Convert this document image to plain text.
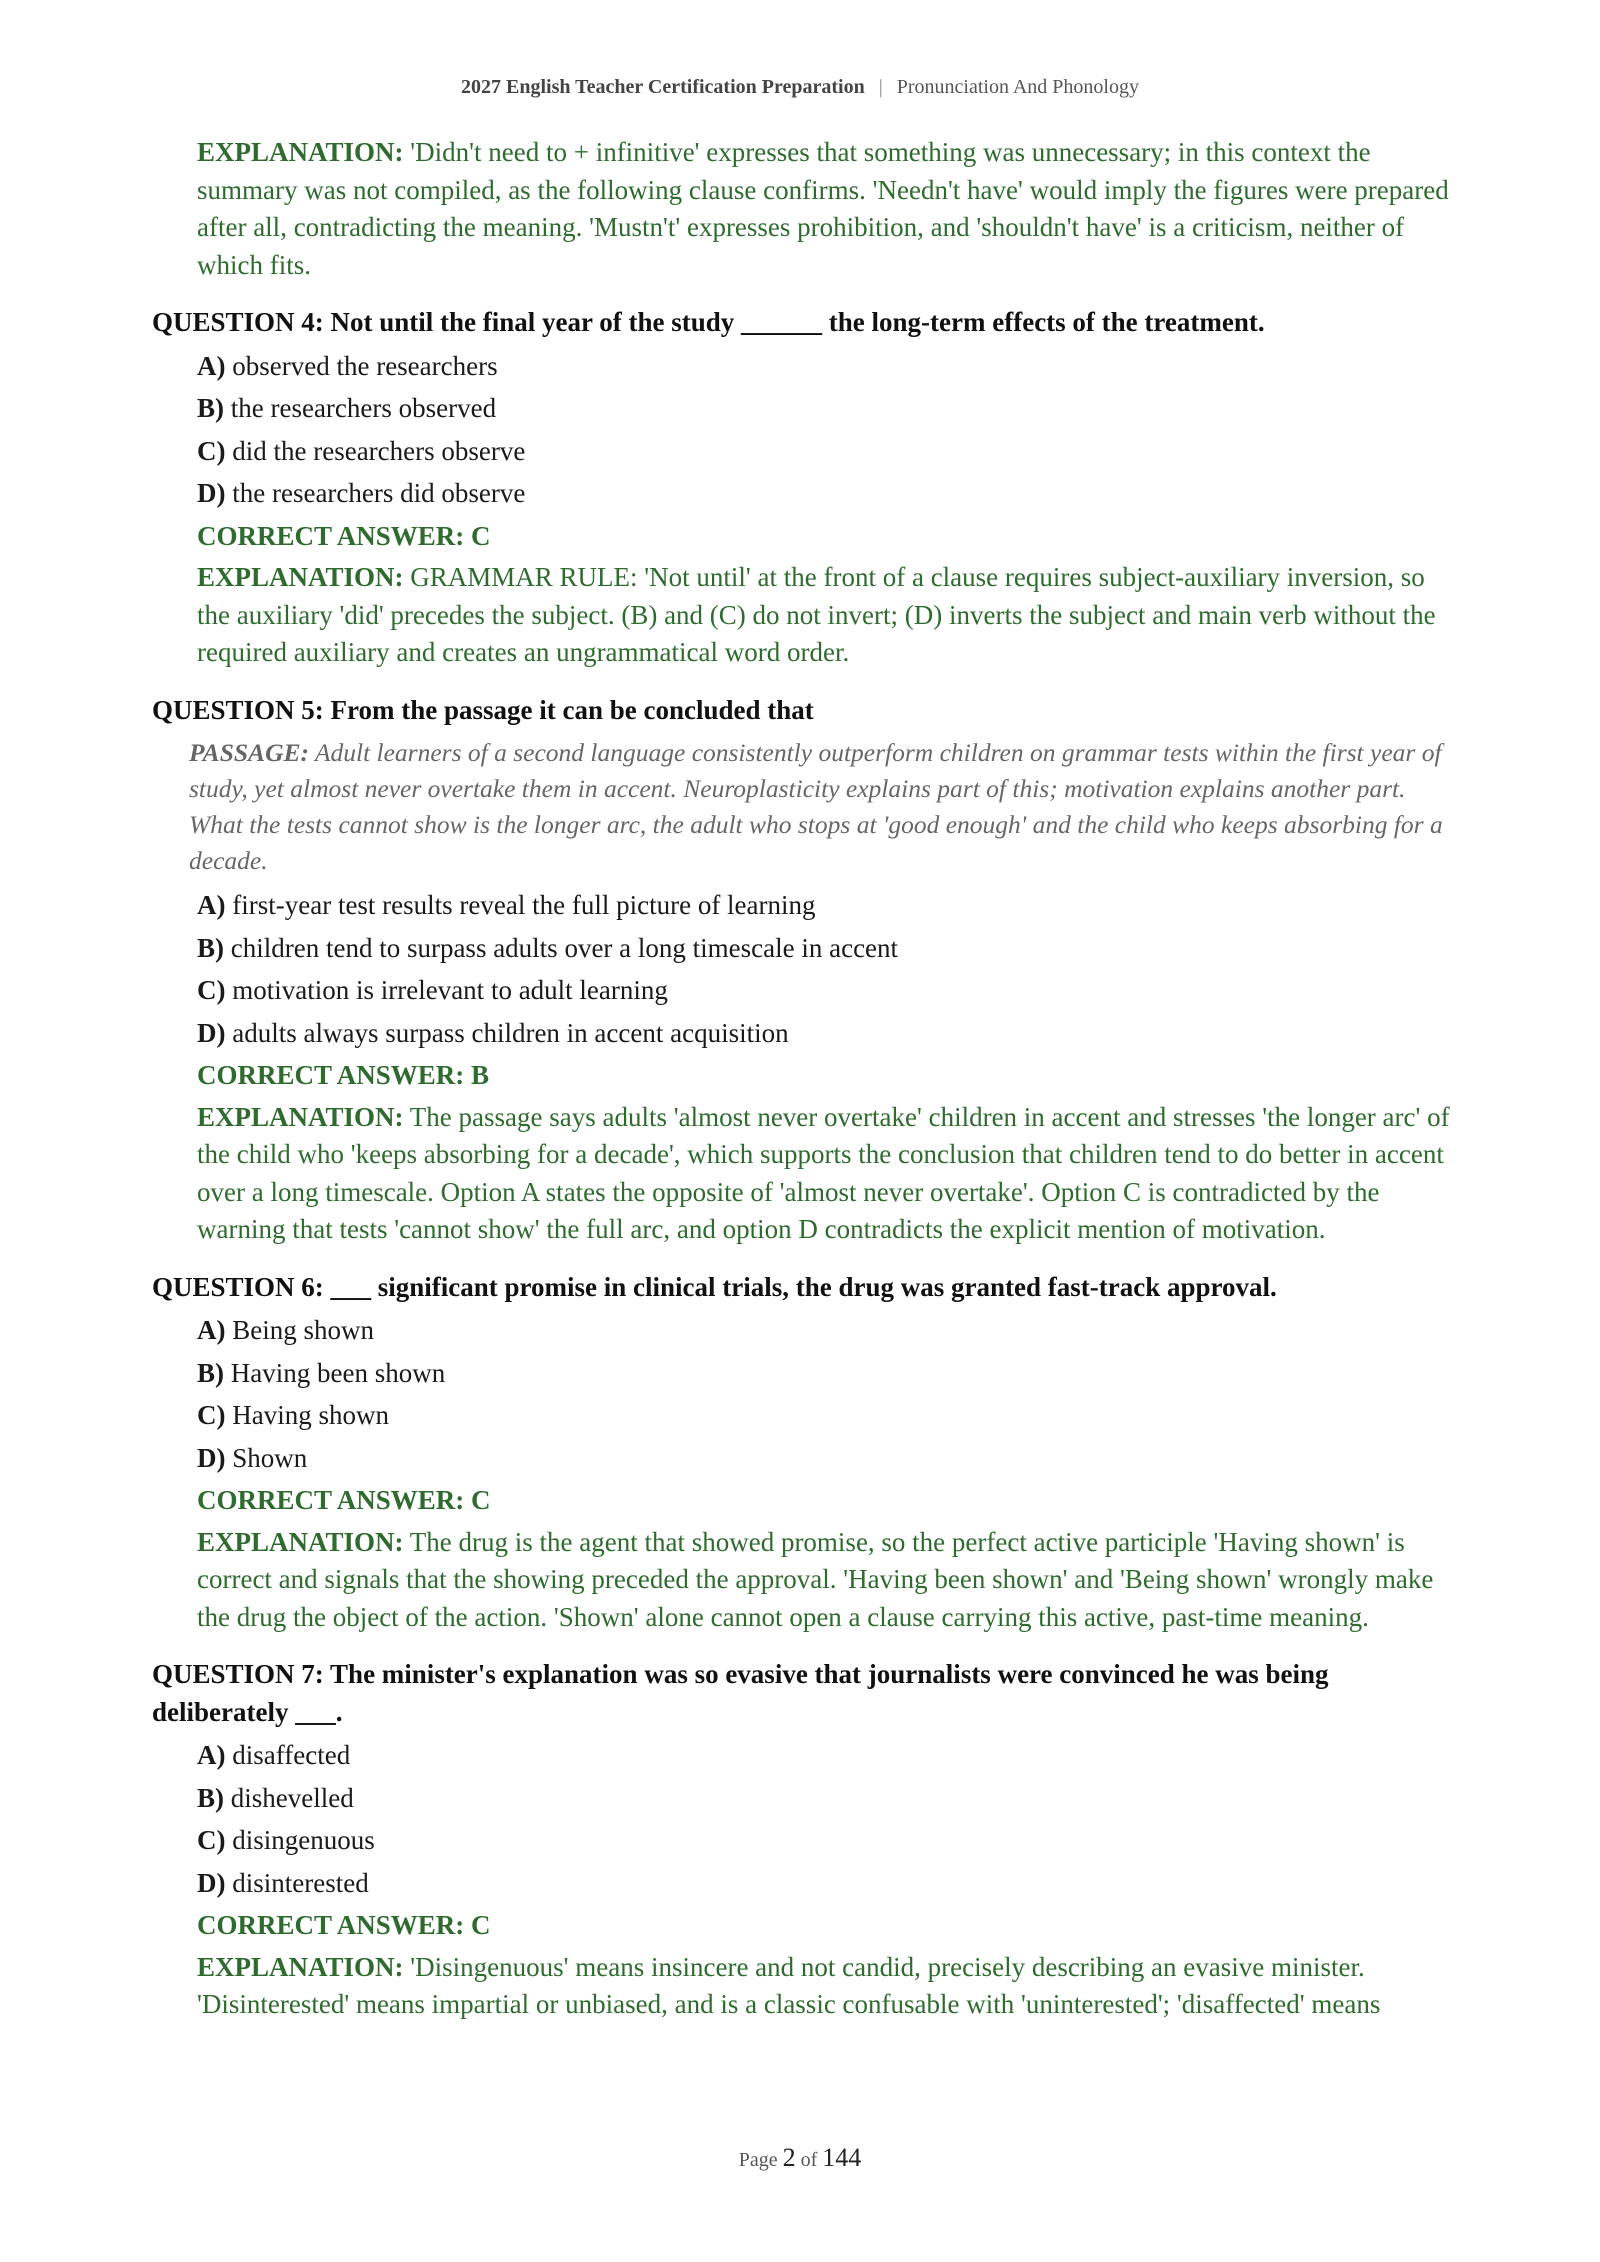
2027 English Teacher Certification Preparation | Pronunciation And Phonology
EXPLANATION: 'Didn't need to + infinitive' expresses that something was unnecessary; in this context the summary was not compiled, as the following clause confirms. 'Needn't have' would imply the figures were prepared after all, contradicting the meaning. 'Mustn't' expresses prohibition, and 'shouldn't have' is a criticism, neither of which fits.
QUESTION 4: Not until the final year of the study ______ the long-term effects of the treatment.
A) observed the researchers
B) the researchers observed
C) did the researchers observe
D) the researchers did observe
CORRECT ANSWER: C
EXPLANATION: GRAMMAR RULE: 'Not until' at the front of a clause requires subject-auxiliary inversion, so the auxiliary 'did' precedes the subject. (B) and (C) do not invert; (D) inverts the subject and main verb without the required auxiliary and creates an ungrammatical word order.
QUESTION 5: From the passage it can be concluded that
PASSAGE: Adult learners of a second language consistently outperform children on grammar tests within the first year of study, yet almost never overtake them in accent. Neuroplasticity explains part of this; motivation explains another part. What the tests cannot show is the longer arc, the adult who stops at 'good enough' and the child who keeps absorbing for a decade.
A) first-year test results reveal the full picture of learning
B) children tend to surpass adults over a long timescale in accent
C) motivation is irrelevant to adult learning
D) adults always surpass children in accent acquisition
CORRECT ANSWER: B
EXPLANATION: The passage says adults 'almost never overtake' children in accent and stresses 'the longer arc' of the child who 'keeps absorbing for a decade', which supports the conclusion that children tend to do better in accent over a long timescale. Option A states the opposite of 'almost never overtake'. Option C is contradicted by the warning that tests 'cannot show' the full arc, and option D contradicts the explicit mention of motivation.
QUESTION 6: ___ significant promise in clinical trials, the drug was granted fast-track approval.
A) Being shown
B) Having been shown
C) Having shown
D) Shown
CORRECT ANSWER: C
EXPLANATION: The drug is the agent that showed promise, so the perfect active participle 'Having shown' is correct and signals that the showing preceded the approval. 'Having been shown' and 'Being shown' wrongly make the drug the object of the action. 'Shown' alone cannot open a clause carrying this active, past-time meaning.
QUESTION 7: The minister's explanation was so evasive that journalists were convinced he was being deliberately ___.
A) disaffected
B) dishevelled
C) disingenuous
D) disinterested
CORRECT ANSWER: C
EXPLANATION: 'Disingenuous' means insincere and not candid, precisely describing an evasive minister. 'Disinterested' means impartial or unbiased, and is a classic confusable with 'uninterested'; 'disaffected' means
Page 2 of 144
